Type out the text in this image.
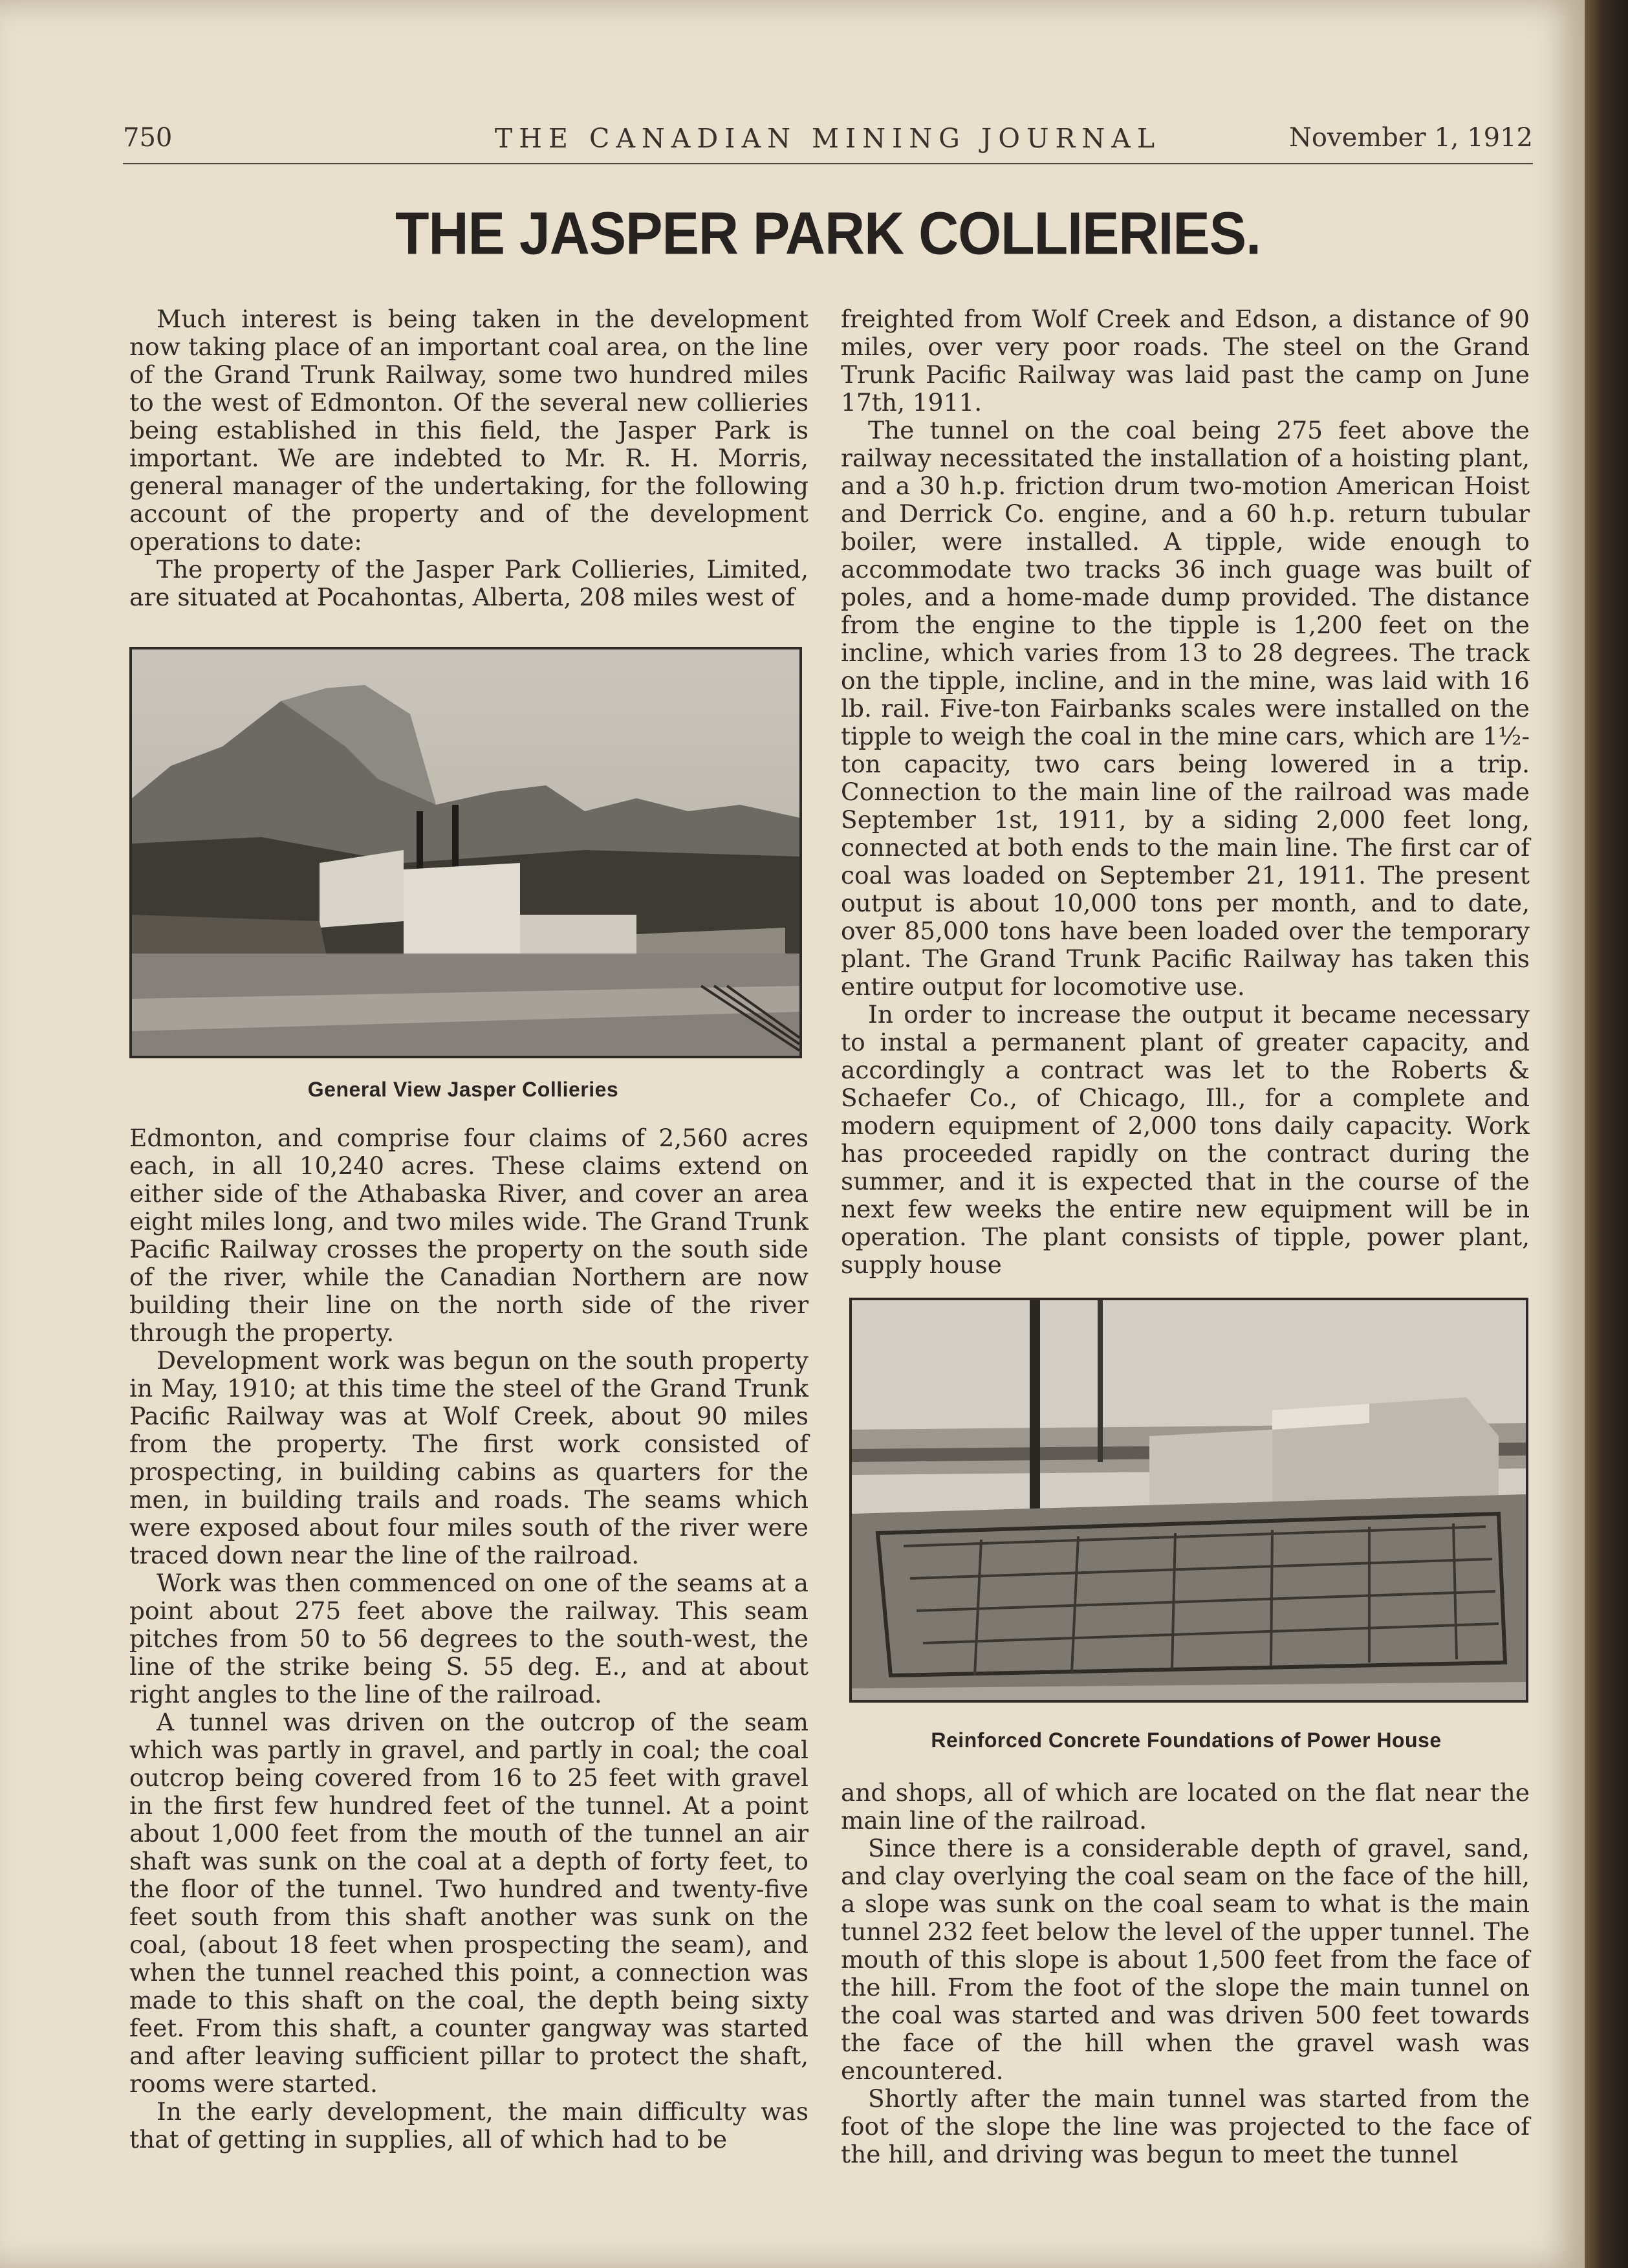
750	THE CANADIAN MINING JOURNAL	November 1, 1912
THE JASPER PARK COLLIERIES.

Much interest is being taken in the development now taking place of an important coal area, on the line of the Grand Trunk Railway, some two hundred miles to the west of Edmonton. Of the several new collieries being established in this field, the Jasper Park is important. We are indebted to Mr. R. H. Morris, general manager of the undertaking, for the following account of the property and of the development operations to date:

The property of the Jasper Park Collieries, Limited, are situated at Pocahontas, Alberta, 208 miles west of

General View Jasper Collieries

Edmonton, and comprise four claims of 2,560 acres each, in all 10,240 acres. These claims extend on either side of the Athabaska River, and cover an area eight miles long, and two miles wide. The Grand Trunk Pacific Railway crosses the property on the south side of the river, while the Canadian Northern are now building their line on the north side of the river through the property.

Development work was begun on the south property in May, 1910; at this time the steel of the Grand Trunk Pacific Railway was at Wolf Creek, about 90 miles from the property. The first work consisted of prospecting, in building cabins as quarters for the men, in building trails and roads. The seams which were exposed about four miles south of the river were traced down near the line of the railroad.

Work was then commenced on one of the seams at a point about 275 feet above the railway. This seam pitches from 50 to 56 degrees to the south-west, the line of the strike being S. 55 deg. E., and at about right angles to the line of the railroad.

A tunnel was driven on the outcrop of the seam which was partly in gravel, and partly in coal; the coal outcrop being covered from 16 to 25 feet with gravel in the first few hundred feet of the tunnel. At a point about 1,000 feet from the mouth of the tunnel an air shaft was sunk on the coal at a depth of forty feet, to the floor of the tunnel. Two hundred and twenty-five feet south from this shaft another was sunk on the coal, (about 18 feet when prospecting the seam), and when the tunnel reached this point, a connection was made to this shaft on the coal, the depth being sixty feet. From this shaft, a counter gangway was started and after leaving sufficient pillar to protect the shaft, rooms were started.

In the early development, the main difficulty was that of getting in supplies, all of which had to be

freighted from Wolf Creek and Edson, a distance of 90 miles, over very poor roads. The steel on the Grand Trunk Pacific Railway was laid past the camp on June 17th, 1911.

The tunnel on the coal being 275 feet above the railway necessitated the installation of a hoisting plant, and a 30 h.p. friction drum two-motion American Hoist and Derrick Co. engine, and a 60 h.p. return tubular boiler, were installed. A tipple, wide enough to accommodate two tracks 36 inch guage was built of poles, and a home-made dump provided. The distance from the engine to the tipple is 1,200 feet on the incline, which varies from 13 to 28 degrees. The track on the tipple, incline, and in the mine, was laid with 16 lb. rail. Five-ton Fairbanks scales were installed on the tipple to weigh the coal in the mine cars, which are 1½-ton capacity, two cars being lowered in a trip. Connection to the main line of the railroad was made September 1st, 1911, by a siding 2,000 feet long, connected at both ends to the main line. The first car of coal was loaded on September 21, 1911. The present output is about 10,000 tons per month, and to date, over 85,000 tons have been loaded over the temporary plant. The Grand Trunk Pacific Railway has taken this entire output for locomotive use.

In order to increase the output it became necessary to instal a permanent plant of greater capacity, and accordingly a contract was let to the Roberts & Schaefer Co., of Chicago, Ill., for a complete and modern equipment of 2,000 tons daily capacity. Work has proceeded rapidly on the contract during the summer, and it is expected that in the course of the next few weeks the entire new equipment will be in operation. The plant consists of tipple, power plant, supply house

Reinforced Concrete Foundations of Power House

and shops, all of which are located on the flat near the main line of the railroad.

Since there is a considerable depth of gravel, sand, and clay overlying the coal seam on the face of the hill, a slope was sunk on the coal seam to what is the main tunnel 232 feet below the level of the upper tunnel. The mouth of this slope is about 1,500 feet from the face of the hill. From the foot of the slope the main tunnel on the coal was started and was driven 500 feet towards the face of the hill when the gravel wash was encountered.

Shortly after the main tunnel was started from the foot of the slope the line was projected to the face of the hill, and driving was begun to meet the tunnel
